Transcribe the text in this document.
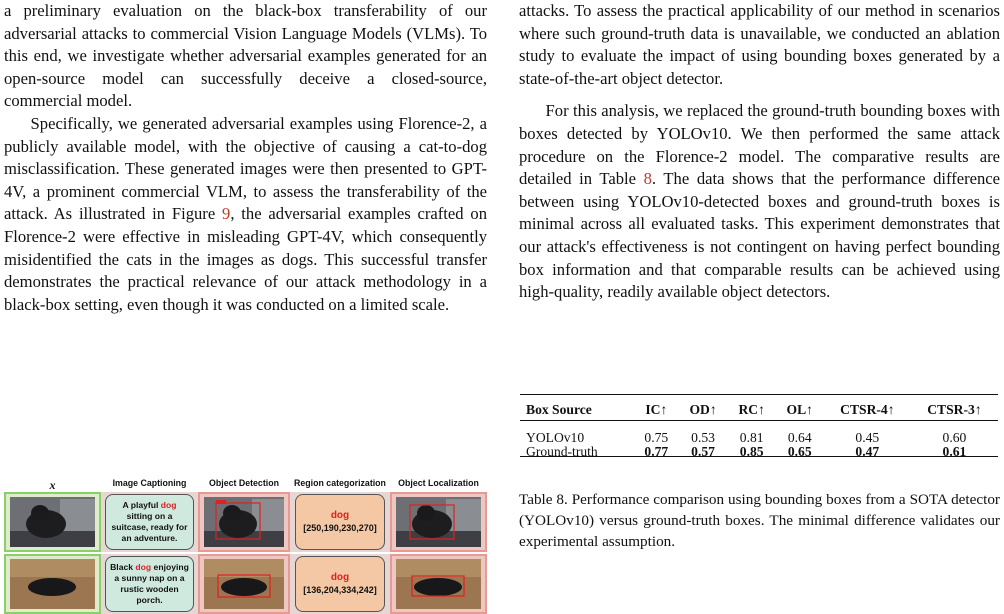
a preliminary evaluation on the black-box transferability of our adversarial attacks to commercial Vision Language Models (VLMs). To this end, we investigate whether adversarial examples generated for an open-source model can successfully deceive a closed-source, commercial model.

Specifically, we generated adversarial examples using Florence-2, a publicly available model, with the objective of causing a cat-to-dog misclassification. These generated images were then presented to GPT-4V, a prominent commercial VLM, to assess the transferability of the attack. As illustrated in Figure 9, the adversarial examples crafted on Florence-2 were effective in misleading GPT-4V, which consequently misidentified the cats in the images as dogs. This successful transfer demonstrates the practical relevance of our attack methodology in a black-box setting, even though it was conducted on a limited scale.

x	Image Captioning	Object Detection	Region categorization	Object Localization
A playful dog sitting on a suitcase, ready for an adventure.
dog
[250,190,230,270]
Black dog enjoying a sunny nap on a rustic wooden porch.
dog
[136,204,334,242]

attacks. To assess the practical applicability of our method in scenarios where such ground-truth data is unavailable, we conducted an ablation study to evaluate the impact of using bounding boxes generated by a state-of-the-art object detector.

For this analysis, we replaced the ground-truth bounding boxes with boxes detected by YOLOv10. We then performed the same attack procedure on the Florence-2 model. The comparative results are detailed in Table 8. The data shows that the performance difference between using YOLOv10-detected boxes and ground-truth boxes is minimal across all evaluated tasks. This experiment demonstrates that our attack's effectiveness is not contingent on having perfect bounding box information and that comparable results can be achieved using high-quality, readily available object detectors.

Box Source	IC↑	OD↑	RC↑	OL↑	CTSR-4↑	CTSR-3↑
YOLOv10	0.75	0.53	0.81	0.64	0.45	0.60
Ground-truth	0.77	0.57	0.85	0.65	0.47	0.61
Table 8. Performance comparison using bounding boxes from a SOTA detector (YOLOv10) versus ground-truth boxes. The minimal difference validates our experimental assumption.
